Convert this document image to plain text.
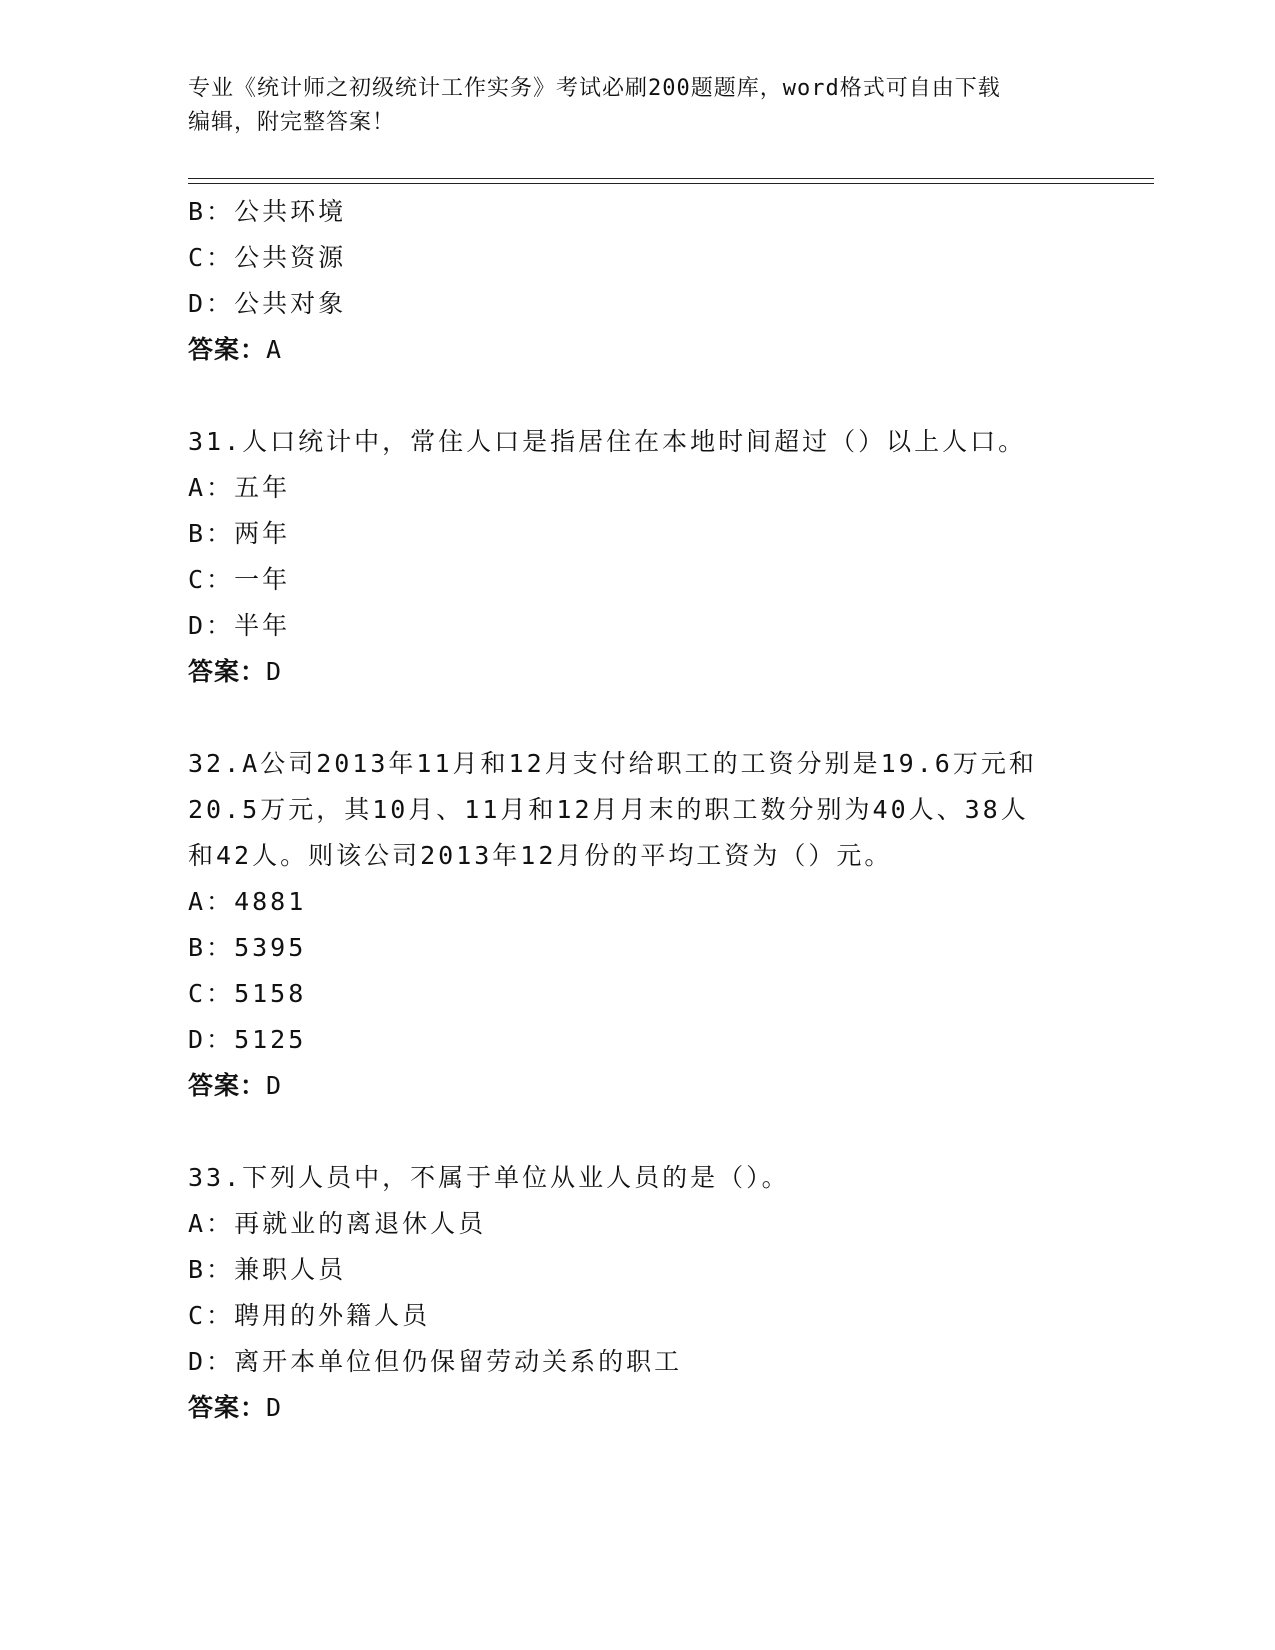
专业《统计师之初级统计工作实务》考试必刷200题题库，word格式可自由下载
编辑，附完整答案！
B：公共环境
C：公共资源
D：公共对象
答案：A
31.人口统计中，常住人口是指居住在本地时间超过（）以上人口。
A：五年
B：两年
C：一年
D：半年
答案：D
32.A公司2013年11月和12月支付给职工的工资分别是19.6万元和
20.5万元，其10月、11月和12月月末的职工数分别为40人、38人
和42人。则该公司2013年12月份的平均工资为（）元。
A：4881
B：5395
C：5158
D：5125
答案：D
33.下列人员中，不属于单位从业人员的是（）。
A：再就业的离退休人员
B：兼职人员
C：聘用的外籍人员
D：离开本单位但仍保留劳动关系的职工
答案：D
